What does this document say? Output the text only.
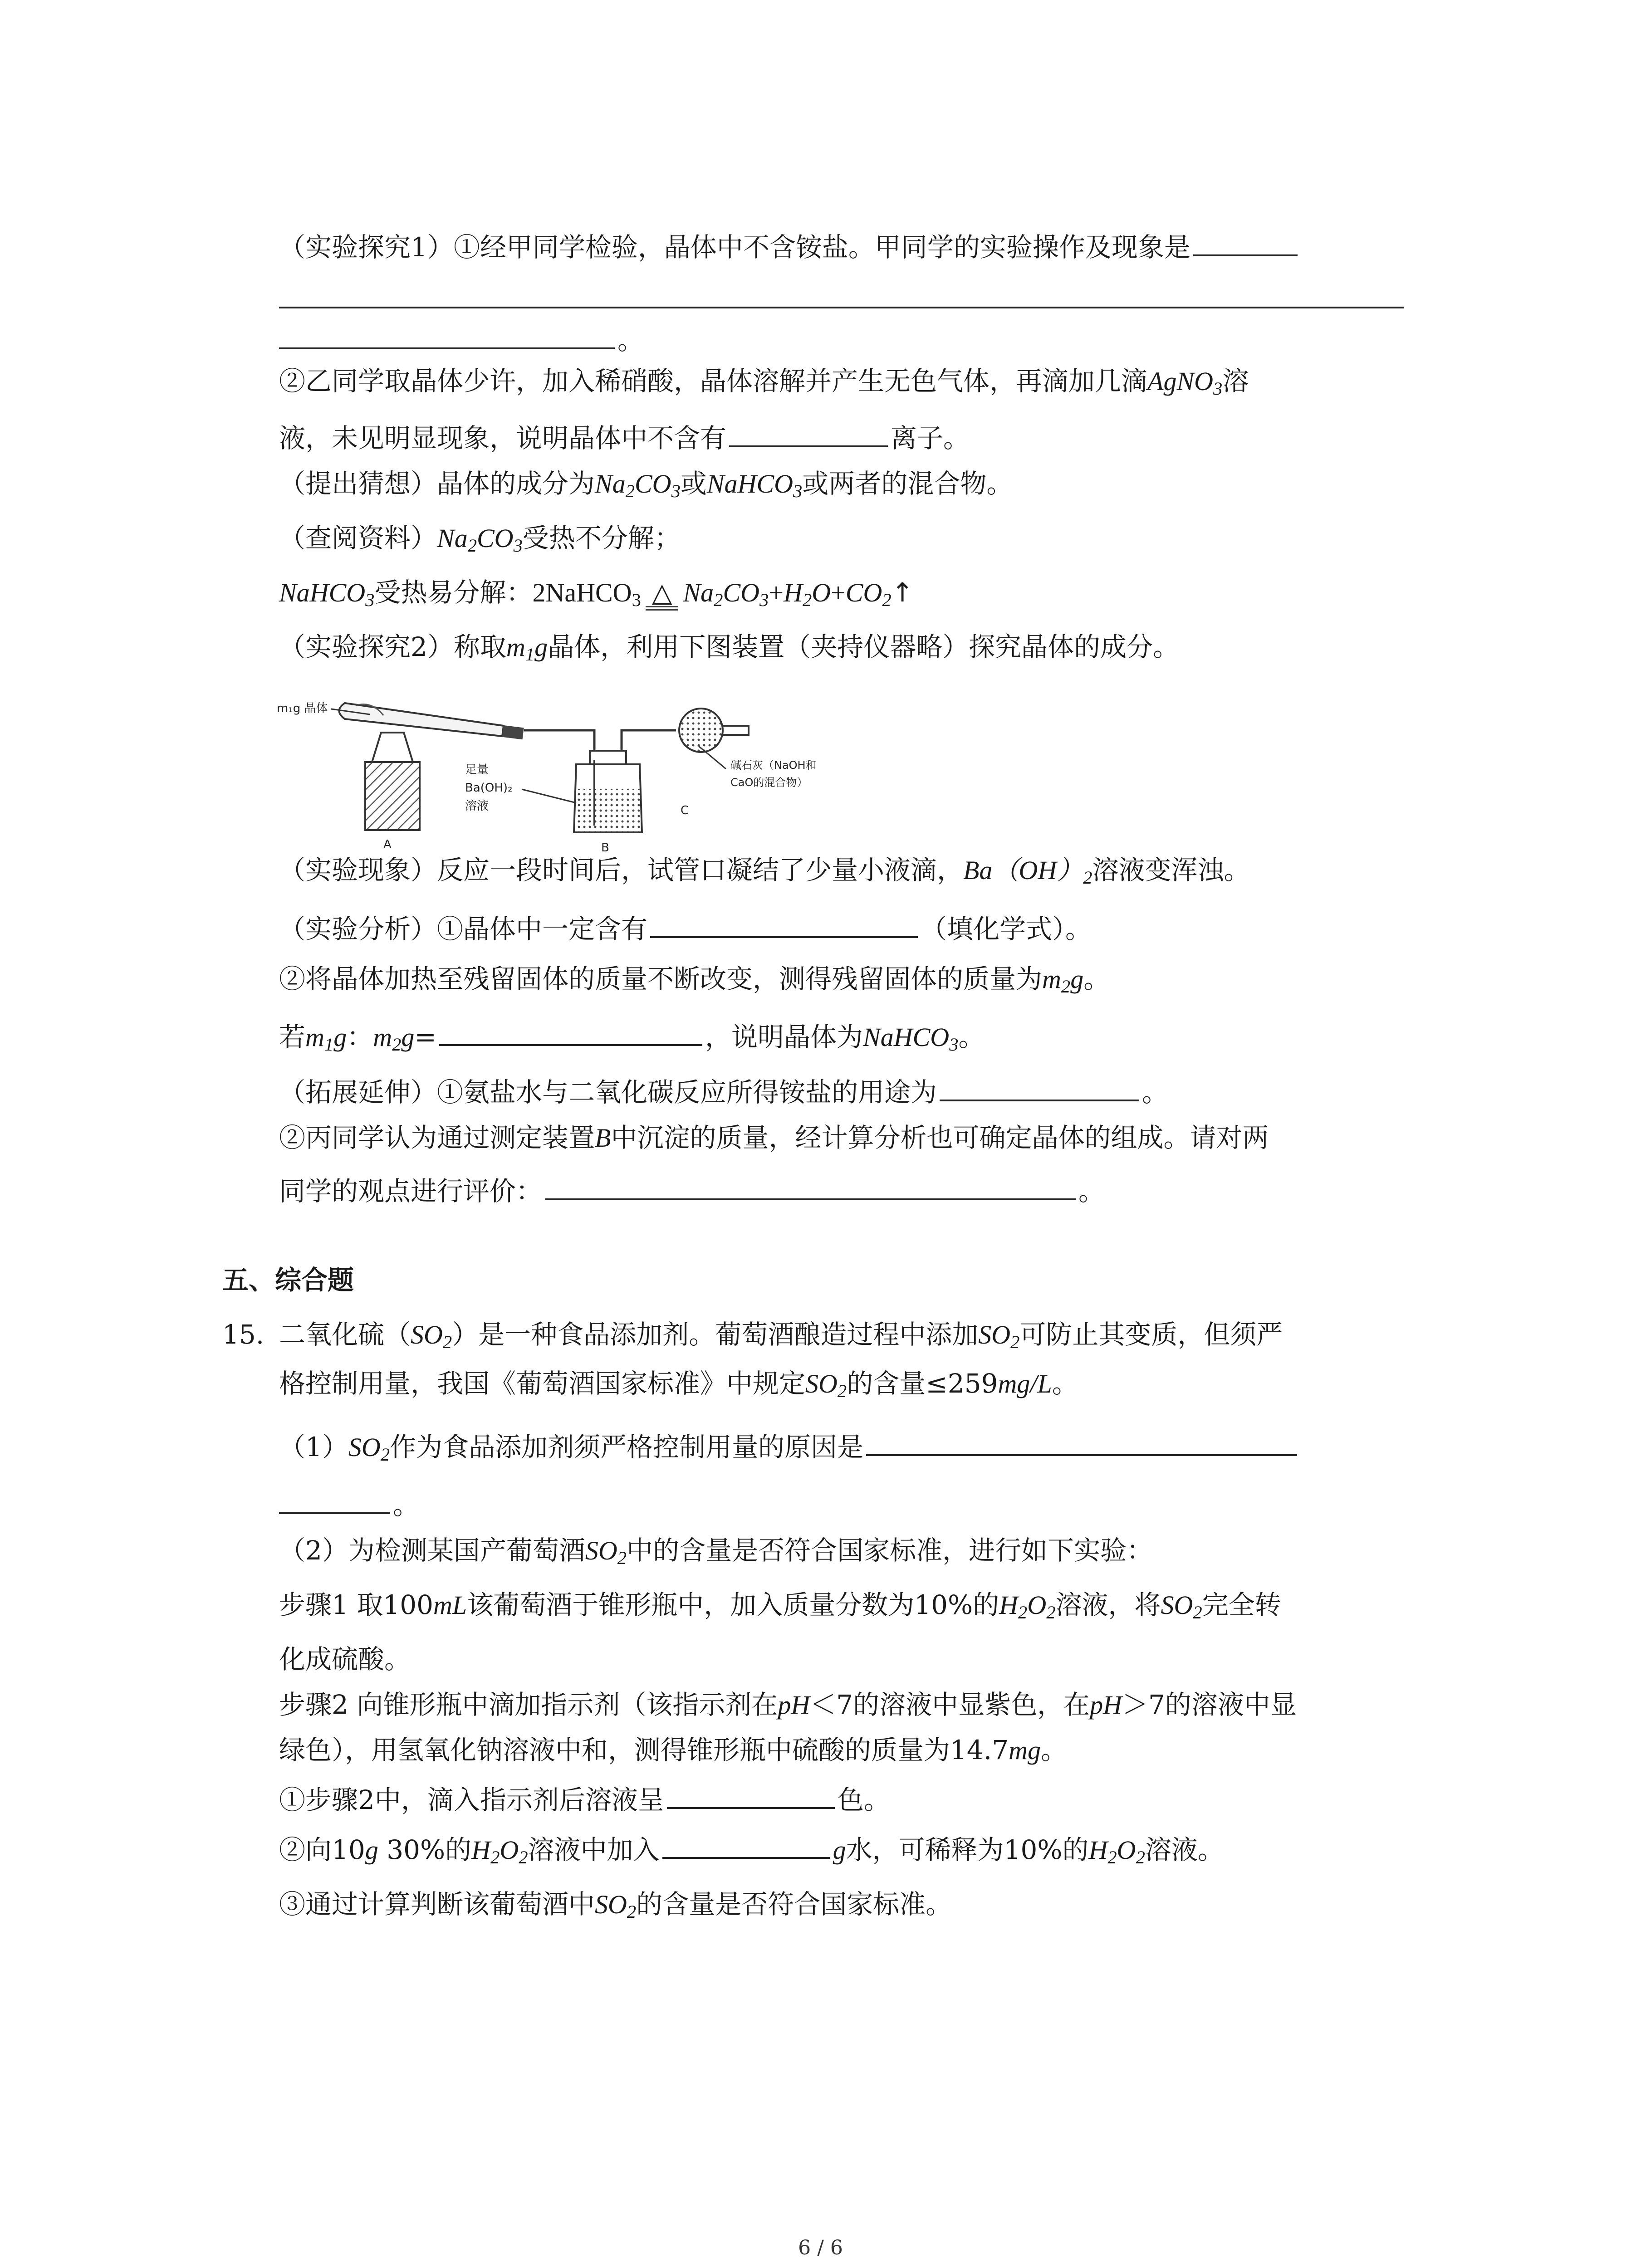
（实验探究1）①经甲同学检验，晶体中不含铵盐。甲同学的实验操作及现象是
。
②乙同学取晶体少许，加入稀硝酸，晶体溶解并产生无色气体，再滴加几滴AgNO$_3$溶
液，未见明显现象，说明晶体中不含有	离子。
（提出猜想）晶体的成分为$Na_2CO_3$或NaHCO$_3$或两者的混合物。
（查阅资料）$Na_2CO_3$受热不分解；
NaHCO$_3$受热易分解：2NaHCO$_3$ △ $Na_2CO_3+H_2O+CO_2↑$
（实验探究2）称取$m_1g$晶体，利用下图装置（夹持仪器略）探究晶体的成分。
m₁g 晶体
足量
Ba(OH)₂
溶液
碱石灰（NaOH和
CaO的混合物）
A	B
C
（实验现象）反应一段时间后，试管口凝结了少量小液滴，$Ba(OH)_2$溶液变浑浊。
（实验分析）①晶体中一定含有	（填化学式）。
②将晶体加热至残留固体的质量不断改变，测得残留固体的质量为$m_2g$。
若$m_1g$：$m_2g=$	，说明晶体为NaHCO$_3$。
（拓展延伸）①氨盐水与二氧化碳反应所得铵盐的用途为	。
②丙同学认为通过测定装置B中沉淀的质量，经计算分析也可确定晶体的组成。请对两
同学的观点进行评价：	。
五、综合题
15. 二氧化硫$(SO_2)$是一种食品添加剂。葡萄酒酿造过程中添加$SO_2$可防止其变质，但须严
格控制用量，我国《葡萄酒国家标准》中规定$SO_2$的含量≤259mg/L。
$(1)SO_2$作为食品添加剂须严格控制用量的原因是
。
（2）为检测某国产葡萄酒$SO_2$中的含量是否符合国家标准，进行如下实验：
步骤1 取100mL该葡萄酒于锥形瓶中，加入质量分数为10%的$H_2O_2$溶液，将$SO_2$完全转
化成硫酸。
步骤2 向锥形瓶中滴加指示剂（该指示剂在pH＜7的溶液中显紫色，在pH＞7的溶液中显
绿色），用氢氧化钠溶液中和，测得锥形瓶中硫酸的质量为14.7mg。
①步骤2中，滴入指示剂后溶液呈	色。
②向10g 30%的$H_2O_2$溶液中加入	g水，可稀释为10%的$H_2O_2$溶液。
③通过计算判断该葡萄酒中$SO_2$的含量是否符合国家标准。
6 / 6
